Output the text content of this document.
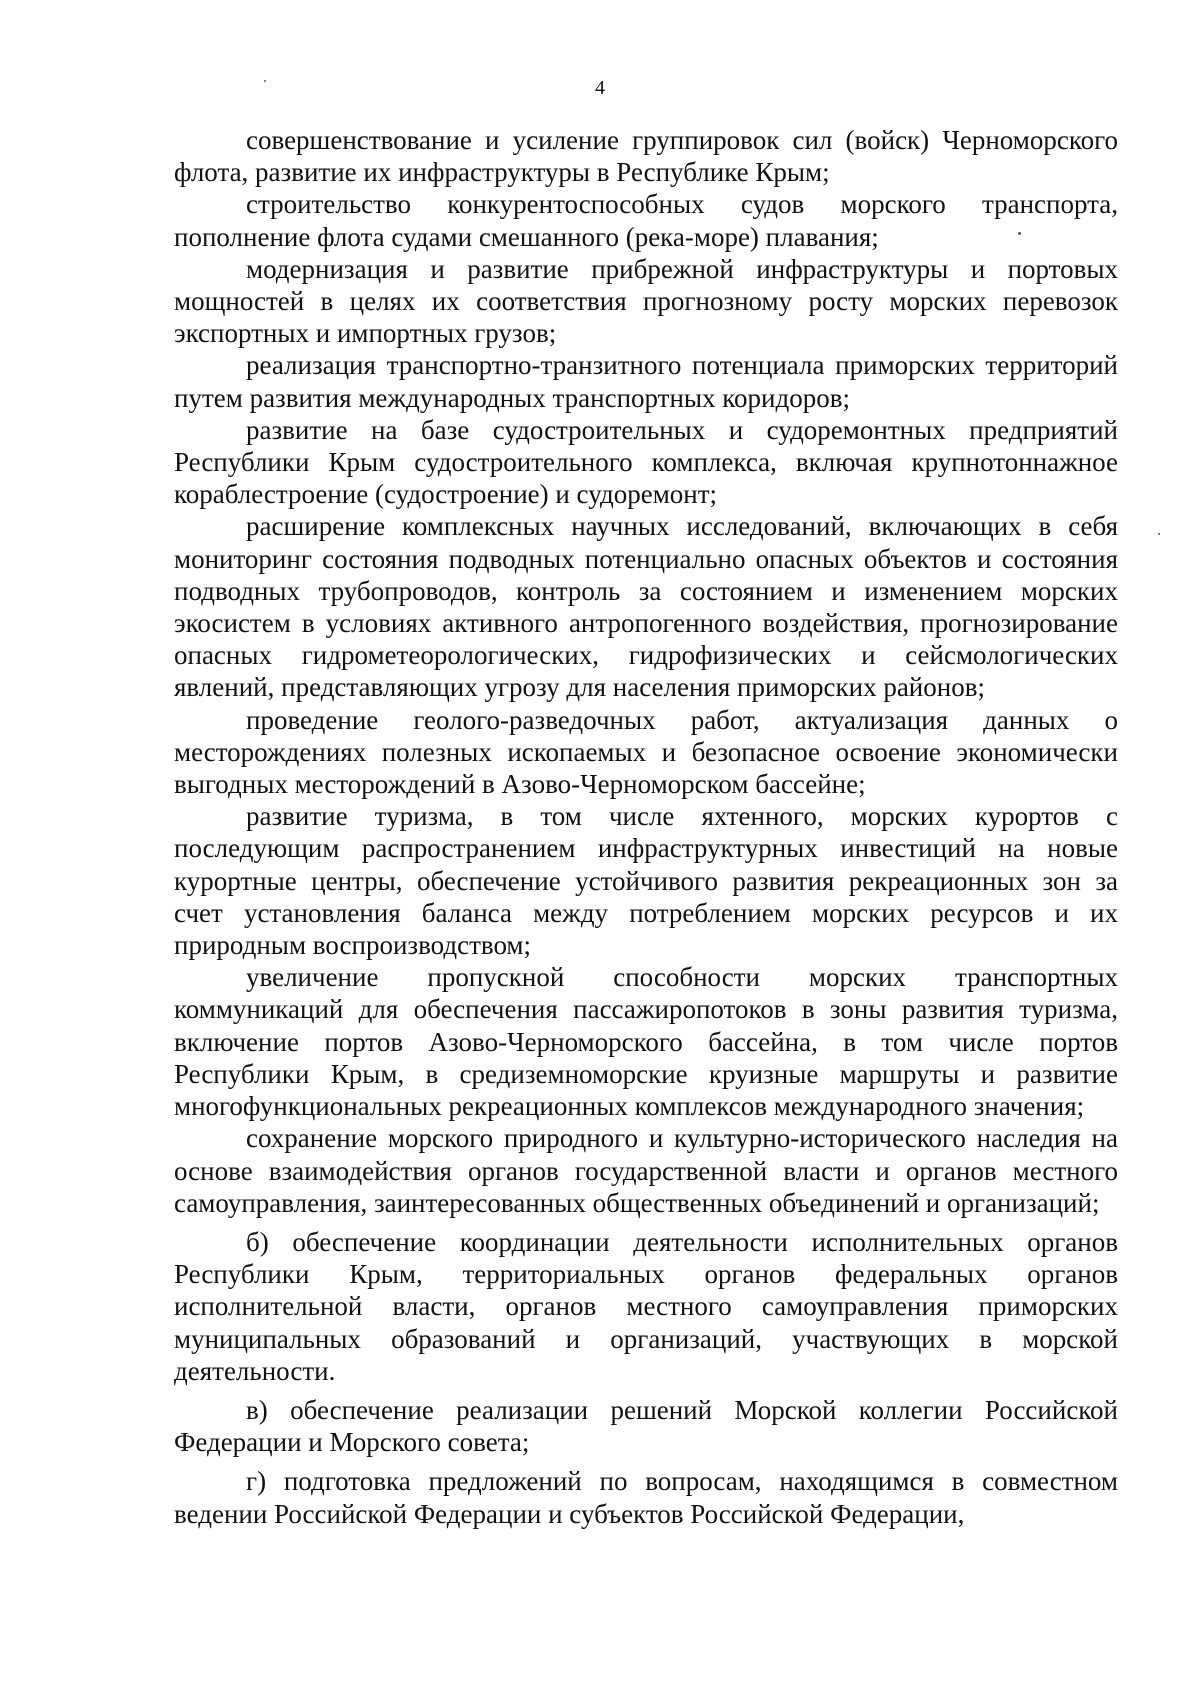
4

совершенствование и усиление группировок сил (войск) Черноморского флота, развитие их инфраструктуры в Республике Крым;

строительство конкурентоспособных судов морского транспорта, пополнение флота судами смешанного (река-море) плавания;

модернизация и развитие прибрежной инфраструктуры и портовых мощностей в целях их соответствия прогнозному росту морских перевозок экспортных и импортных грузов;

реализация транспортно-транзитного потенциала приморских территорий путем развития международных транспортных коридоров;

развитие на базе судостроительных и судоремонтных предприятий Республики Крым судостроительного комплекса, включая крупнотоннажное кораблестроение (судостроение) и судоремонт;

расширение комплексных научных исследований, включающих в себя мониторинг состояния подводных потенциально опасных объектов и состояния подводных трубопроводов, контроль за состоянием и изменением морских экосистем в условиях активного антропогенного воздействия, прогнозирование опасных гидрометеорологических, гидрофизических и сейсмологических явлений, представляющих угрозу для населения приморских районов;

проведение геолого-разведочных работ, актуализация данных о месторождениях полезных ископаемых и безопасное освоение экономически выгодных месторождений в Азово-Черноморском бассейне;

развитие туризма, в том числе яхтенного, морских курортов с последующим распространением инфраструктурных инвестиций на новые курортные центры, обеспечение устойчивого развития рекреационных зон за счет установления баланса между потреблением морских ресурсов и их природным воспроизводством;

увеличение пропускной способности морских транспортных коммуникаций для обеспечения пассажиропотоков в зоны развития туризма, включение портов Азово-Черноморского бассейна, в том числе портов Республики Крым, в средиземноморские круизные маршруты и развитие многофункциональных рекреационных комплексов международного значения;

сохранение морского природного и культурно-исторического наследия на основе взаимодействия органов государственной власти и органов местного самоуправления, заинтересованных общественных объединений и организаций;

б) обеспечение координации деятельности исполнительных органов Республики Крым, территориальных органов федеральных органов исполнительной власти, органов местного самоуправления приморских муниципальных образований и организаций, участвующих в морской деятельности.

в) обеспечение реализации решений Морской коллегии Российской Федерации и Морского совета;

г) подготовка предложений по вопросам, находящимся в совместном ведении Российской Федерации и субъектов Российской Федерации,
